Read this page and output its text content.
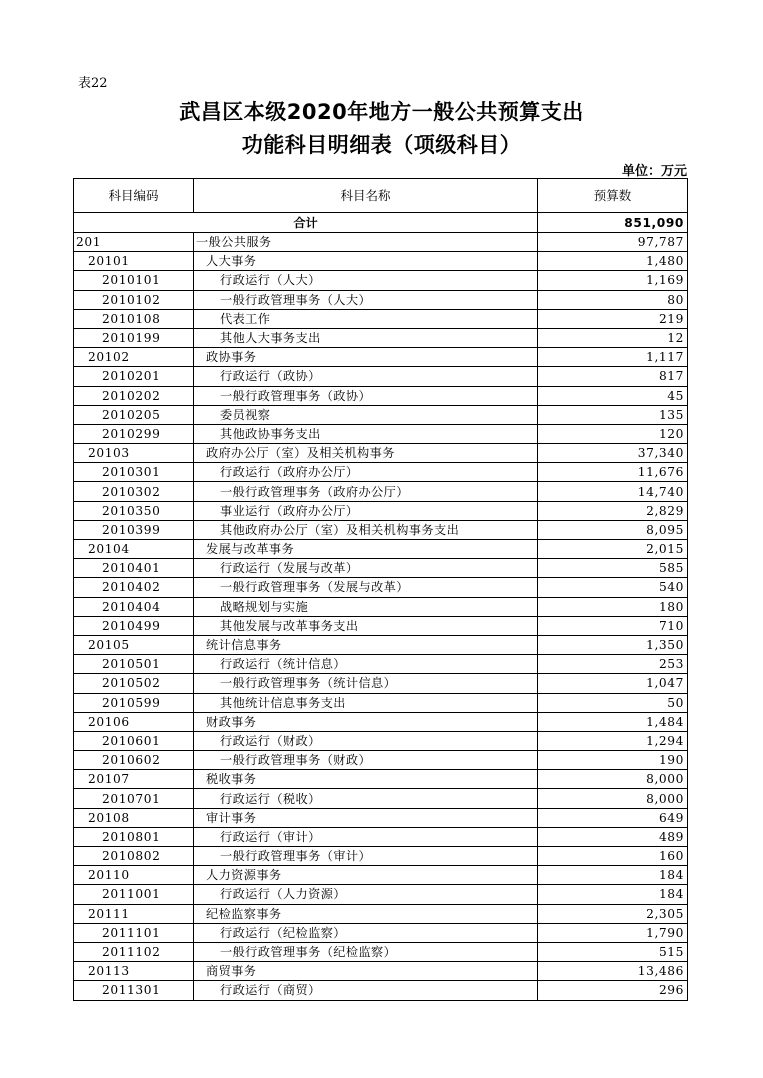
表22
武昌区本级2020年地方一般公共预算支出
功能科目明细表（项级科目）
单位：万元
科目编码	科目名称	预算数
合计		851,090
201	一般公共服务	97,787
20101	人大事务	1,480
2010101	行政运行（人大）	1,169
2010102	一般行政管理事务（人大）	80
2010108	代表工作	219
2010199	其他人大事务支出	12
20102	政协事务	1,117
2010201	行政运行（政协）	817
2010202	一般行政管理事务（政协）	45
2010205	委员视察	135
2010299	其他政协事务支出	120
20103	政府办公厅（室）及相关机构事务	37,340
2010301	行政运行（政府办公厅）	11,676
2010302	一般行政管理事务（政府办公厅）	14,740
2010350	事业运行（政府办公厅）	2,829
2010399	其他政府办公厅（室）及相关机构事务支出	8,095
20104	发展与改革事务	2,015
2010401	行政运行（发展与改革）	585
2010402	一般行政管理事务（发展与改革）	540
2010404	战略规划与实施	180
2010499	其他发展与改革事务支出	710
20105	统计信息事务	1,350
2010501	行政运行（统计信息）	253
2010502	一般行政管理事务（统计信息）	1,047
2010599	其他统计信息事务支出	50
20106	财政事务	1,484
2010601	行政运行（财政）	1,294
2010602	一般行政管理事务（财政）	190
20107	税收事务	8,000
2010701	行政运行（税收）	8,000
20108	审计事务	649
2010801	行政运行（审计）	489
2010802	一般行政管理事务（审计）	160
20110	人力资源事务	184
2011001	行政运行（人力资源）	184
20111	纪检监察事务	2,305
2011101	行政运行（纪检监察）	1,790
2011102	一般行政管理事务（纪检监察）	515
20113	商贸事务	13,486
2011301	行政运行（商贸）	296
